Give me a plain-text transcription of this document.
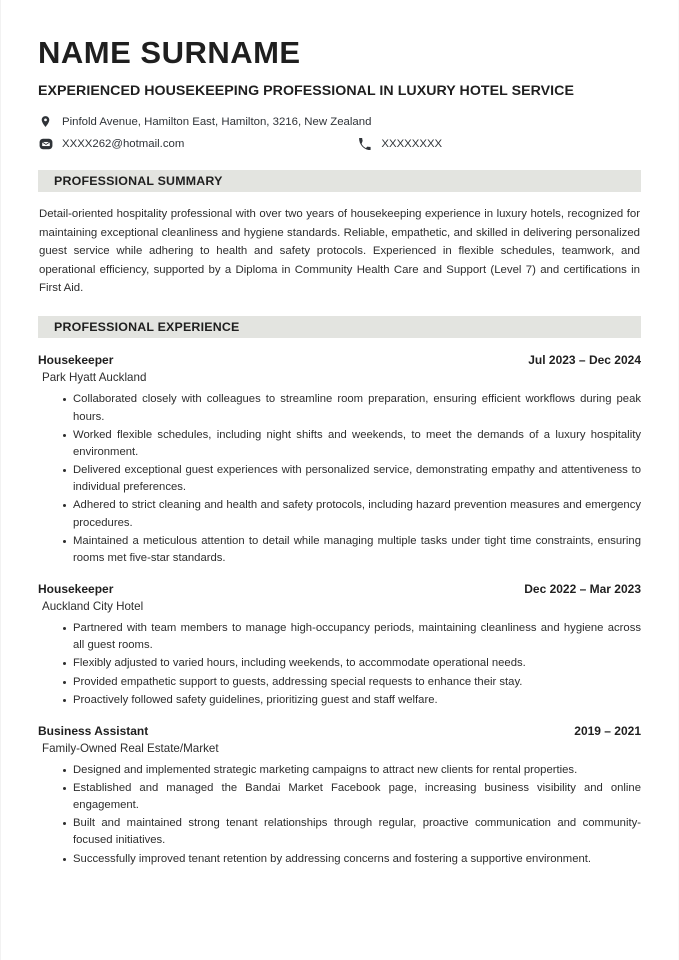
NAME SURNAME
EXPERIENCED HOUSEKEEPING PROFESSIONAL IN LUXURY HOTEL SERVICE
Pinfold Avenue, Hamilton East, Hamilton, 3216, New Zealand
XXXX262@hotmail.com	XXXXXXXX
PROFESSIONAL SUMMARY

Detail-oriented hospitality professional with over two years of housekeeping experience in luxury hotels, recognized for maintaining exceptional cleanliness and hygiene standards. Reliable, empathetic, and skilled in delivering personalized guest service while adhering to health and safety protocols. Experienced in flexible schedules, teamwork, and operational efficiency, supported by a Diploma in Community Health Care and Support (Level 7) and certifications in First Aid.

PROFESSIONAL EXPERIENCE
Housekeeper	Jul 2023 – Dec 2024
Park Hyatt Auckland
Collaborated closely with colleagues to streamline room preparation, ensuring efficient workflows during peak hours.
Worked flexible schedules, including night shifts and weekends, to meet the demands of a luxury hospitality environment.
Delivered exceptional guest experiences with personalized service, demonstrating empathy and attentiveness to individual preferences.
Adhered to strict cleaning and health and safety protocols, including hazard prevention measures and emergency procedures.
Maintained a meticulous attention to detail while managing multiple tasks under tight time constraints, ensuring rooms met five-star standards.
Housekeeper	Dec 2022 – Mar 2023
Auckland City Hotel
Partnered with team members to manage high-occupancy periods, maintaining cleanliness and hygiene across all guest rooms.
Flexibly adjusted to varied hours, including weekends, to accommodate operational needs.
Provided empathetic support to guests, addressing special requests to enhance their stay.
Proactively followed safety guidelines, prioritizing guest and staff welfare.
Business Assistant	2019 – 2021
Family-Owned Real Estate/Market
Designed and implemented strategic marketing campaigns to attract new clients for rental properties.
Established and managed the Bandai Market Facebook page, increasing business visibility and online engagement.
Built and maintained strong tenant relationships through regular, proactive communication and community-focused initiatives.
Successfully improved tenant retention by addressing concerns and fostering a supportive environment.
